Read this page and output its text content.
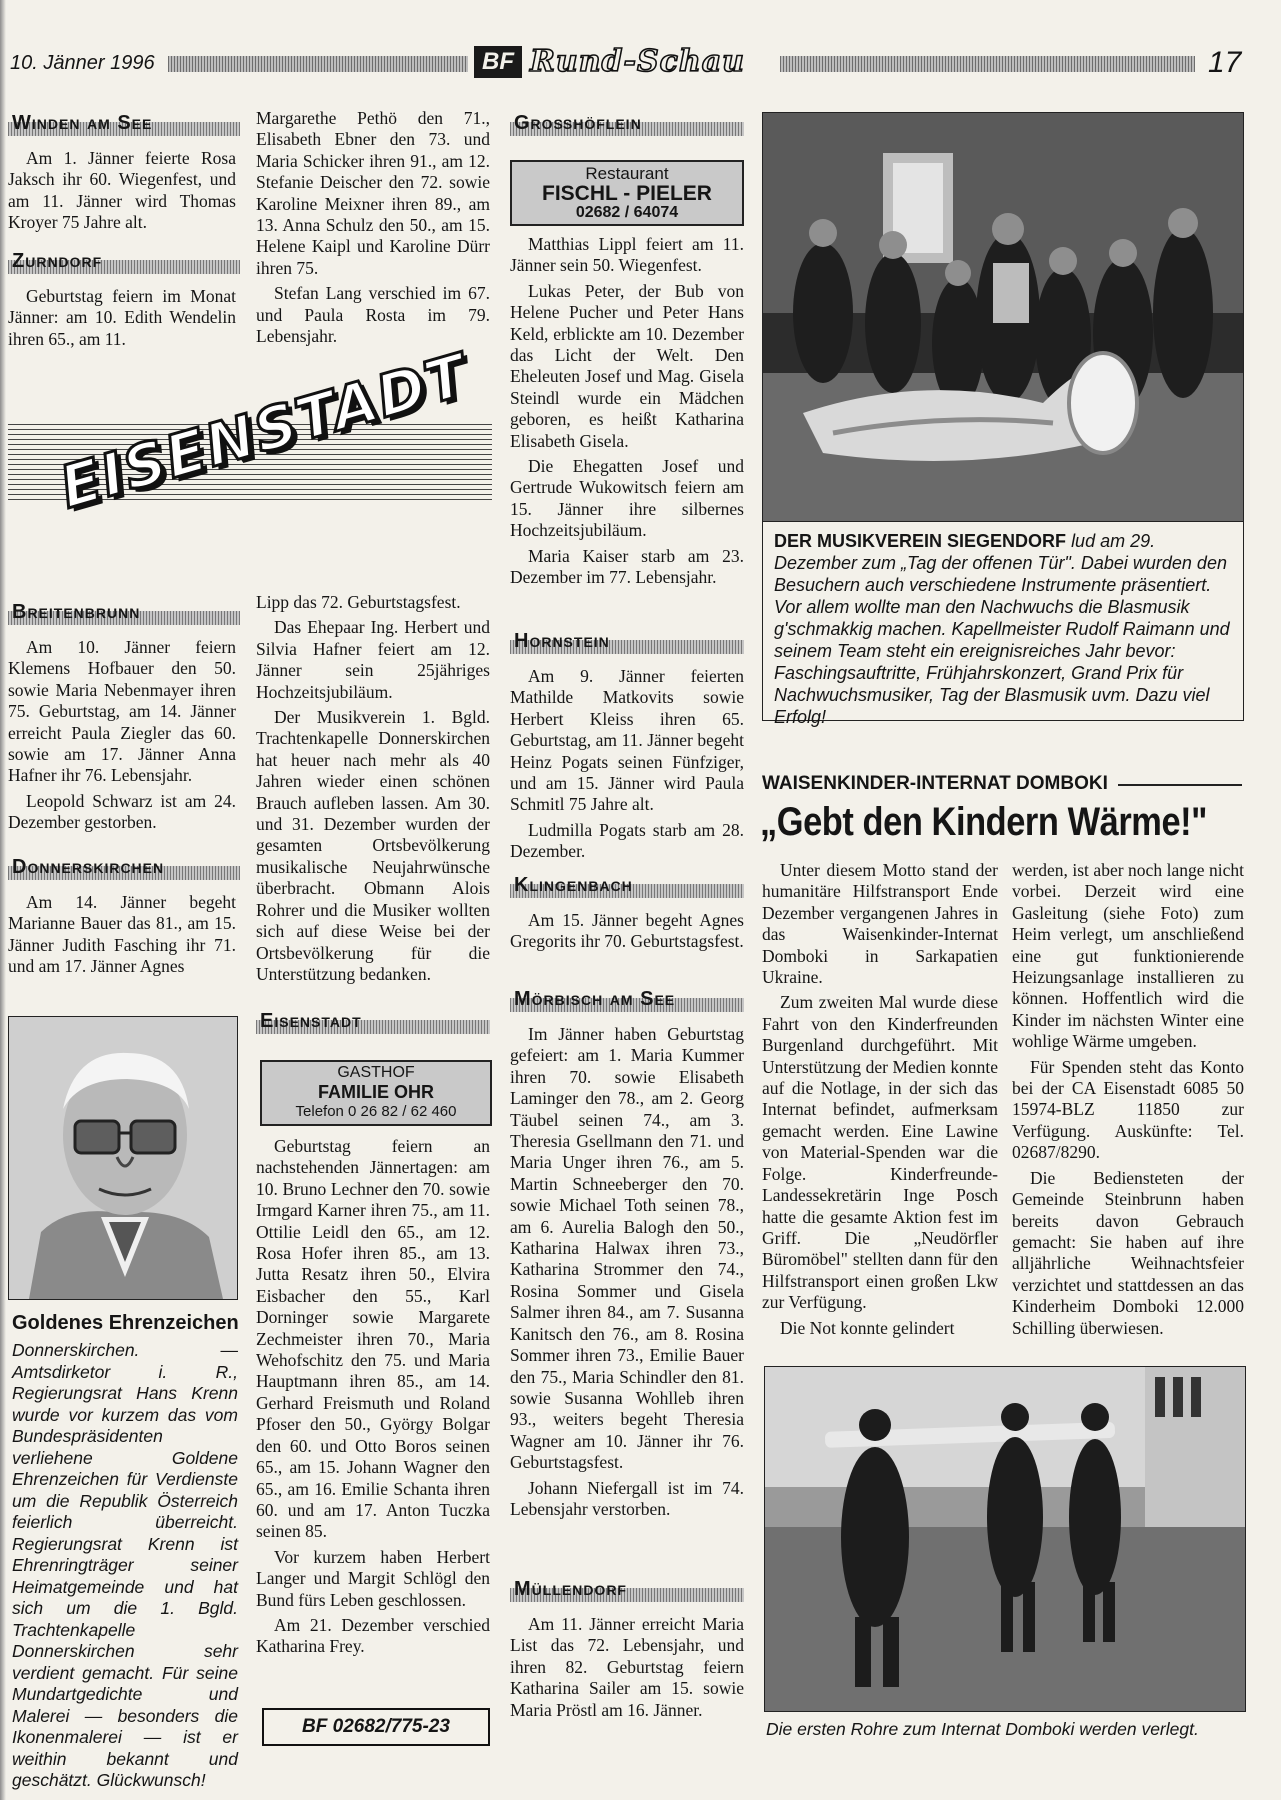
10. Jänner 1996	BF Rund-Schau	17
Winden am See

Am 1. Jänner feierte Rosa Jaksch ihr 60. Wiegenfest, und am 11. Jänner wird Thomas Kroyer 75 Jahre alt.

Zurndorf

Geburtstag feiern im Monat Jänner: am 10. Edith Wendelin ihren 65., am 11.

EISENSTADT
Breitenbrunn

Am 10. Jänner feiern Klemens Hofbauer den 50. sowie Maria Nebenmayer ihren 75. Geburtstag, am 14. Jänner erreicht Paula Ziegler das 60. sowie am 17. Jänner Anna Hafner ihr 76. Lebensjahr.

Leopold Schwarz ist am 24. Dezember gestorben.

Donnerskirchen

Am 14. Jänner begeht Marianne Bauer das 81., am 15. Jänner Judith Fasching ihr 71. und am 17. Jänner Agnes

Goldenes Ehrenzeichen
Donnerskirchen. — Amtsdirketor i. R., Regierungsrat Hans Krenn wurde vor kurzem das vom Bundespräsidenten verliehene Goldene Ehrenzeichen für Verdienste um die Republik Österreich feierlich überreicht. Regierungsrat Krenn ist Ehrenringträger seiner Heimatgemeinde und hat sich um die 1. Bgld. Trachtenkapelle Donnerskirchen sehr verdient gemacht. Für seine Mundartgedichte und Malerei — besonders die Ikonenmalerei — ist er weithin bekannt und geschätzt. Glückwunsch!

Margarethe Pethö den 71., Elisabeth Ebner den 73. und Maria Schicker ihren 91., am 12. Stefanie Deischer den 72. sowie Karoline Meixner ihren 89., am 13. Anna Schulz den 50., am 15. Helene Kaipl und Karoline Dürr ihren 75.

Stefan Lang verschied im 67. und Paula Rosta im 79. Lebensjahr.

Lipp das 72. Geburtstagsfest.

Das Ehepaar Ing. Herbert und Silvia Hafner feiert am 12. Jänner sein 25jähriges Hochzeitsjubiläum.

Der Musikverein 1. Bgld. Trachtenkapelle Donnerskirchen hat heuer nach mehr als 40 Jahren wieder einen schönen Brauch aufleben lassen. Am 30. und 31. Dezember wurden der gesamten Ortsbevölkerung musikalische Neujahrwünsche überbracht. Obmann Alois Rohrer und die Musiker wollten sich auf diese Weise bei der Ortsbevölkerung für die Unterstützung bedanken.

Eisenstadt
GASTHOF
FAMILIE OHR
Telefon 0 26 82 / 62 460

Geburtstag feiern an nachstehenden Jännertagen: am 10. Bruno Lechner den 70. sowie Irmgard Karner ihren 75., am 11. Ottilie Leidl den 65., am 12. Rosa Hofer ihren 85., am 13. Jutta Resatz ihren 50., Elvira Eisbacher den 55., Karl Dorninger sowie Margarete Zechmeister ihren 70., Maria Wehofschitz den 75. und Maria Hauptmann ihren 85., am 14. Gerhard Freismuth und Roland Pfoser den 50., György Bolgar den 60. und Otto Boros seinen 65., am 15. Johann Wagner den 65., am 16. Emilie Schanta ihren 60. und am 17. Anton Tuczka seinen 85.

Vor kurzem haben Herbert Langer und Margit Schlögl den Bund fürs Leben geschlossen.

Am 21. Dezember verschied Katharina Frey.

BF 02682/775-23
Großhöflein
Restaurant
FISCHL - PIELER
02682 / 64074

Matthias Lippl feiert am 11. Jänner sein 50. Wiegenfest.

Lukas Peter, der Bub von Helene Pucher und Peter Hans Keld, erblickte am 10. Dezember das Licht der Welt. Den Eheleuten Josef und Mag. Gisela Steindl wurde ein Mädchen geboren, es heißt Katharina Elisabeth Gisela.

Die Ehegatten Josef und Gertrude Wukowitsch feiern am 15. Jänner ihre silbernes Hochzeitsjubiläum.

Maria Kaiser starb am 23. Dezember im 77. Lebensjahr.

Hornstein

Am 9. Jänner feierten Mathilde Matkovits sowie Herbert Kleiss ihren 65. Geburtstag, am 11. Jänner begeht Heinz Pogats seinen Fünfziger, und am 15. Jänner wird Paula Schmitl 75 Jahre alt.

Ludmilla Pogats starb am 28. Dezember.

Klingenbach

Am 15. Jänner begeht Agnes Gregorits ihr 70. Geburtstagsfest.

Mörbisch am See

Im Jänner haben Geburtstag gefeiert: am 1. Maria Kummer ihren 70. sowie Elisabeth Laminger den 78., am 2. Georg Täubel seinen 74., am 3. Theresia Gsellmann den 71. und Maria Unger ihren 76., am 5. Martin Schneeberger den 70. sowie Michael Toth seinen 78., am 6. Aurelia Balogh den 50., Katharina Halwax ihren 73., Katharina Strommer den 74., Rosina Sommer und Gisela Salmer ihren 84., am 7. Susanna Kanitsch den 76., am 8. Rosina Sommer ihren 73., Emilie Bauer den 75., Maria Schindler den 81. sowie Susanna Wohlleb ihren 93., weiters begeht Theresia Wagner am 10. Jänner ihr 76. Geburtstagsfest.

Johann Niefergall ist im 74. Lebensjahr verstorben.

Müllendorf

Am 11. Jänner erreicht Maria List das 72. Lebensjahr, und ihren 82. Geburtstag feiern Katharina Sailer am 15. sowie Maria Pröstl am 16. Jänner.

DER MUSIKVEREIN SIEGENDORF lud am 29. Dezember zum „Tag der offenen Tür". Dabei wurden den Besuchern auch verschiedene Instrumente präsentiert. Vor allem wollte man den Nachwuchs die Blasmusik g'schmakkig machen. Kapellmeister Rudolf Raimann und seinem Team steht ein ereignisreiches Jahr bevor: Faschingsauftritte, Frühjahrskonzert, Grand Prix für Nachwuchsmusiker, Tag der Blasmusik uvm. Dazu viel Erfolg!
WAISENKINDER-INTERNAT DOMBOKI
„Gebt den Kindern Wärme!"

Unter diesem Motto stand der humanitäre Hilfstransport Ende Dezember vergangenen Jahres in das Waisenkinder-Internat Domboki in Sarkapatien Ukraine.

Zum zweiten Mal wurde diese Fahrt von den Kinderfreunden Burgenland durchgeführt. Mit Unterstützung der Medien konnte auf die Notlage, in der sich das Internat befindet, aufmerksam gemacht werden. Eine Lawine von Material-Spenden war die Folge. Kinderfreunde-Landessekretärin Inge Posch hatte die gesamte Aktion fest im Griff. Die „Neudörfler Büromöbel" stellten dann für den Hilfstransport einen großen Lkw zur Verfügung.

Die Not konnte gelindert

werden, ist aber noch lange nicht vorbei. Derzeit wird eine Gasleitung (siehe Foto) zum Heim verlegt, um anschließend eine gut funktionierende Heizungsanlage installieren zu können. Hoffentlich wird die Kinder im nächsten Winter eine wohlige Wärme umgeben.

Für Spenden steht das Konto bei der CA Eisenstadt 6085 50 15974-BLZ 11850 zur Verfügung. Auskünfte: Tel. 02687/8290.

Die Bediensteten der Gemeinde Steinbrunn haben bereits davon Gebrauch gemacht: Sie haben auf ihre alljährliche Weihnachtsfeier verzichtet und stattdessen an das Kinderheim Domboki 12.000 Schilling überwiesen.

Die ersten Rohre zum Internat Domboki werden verlegt.
